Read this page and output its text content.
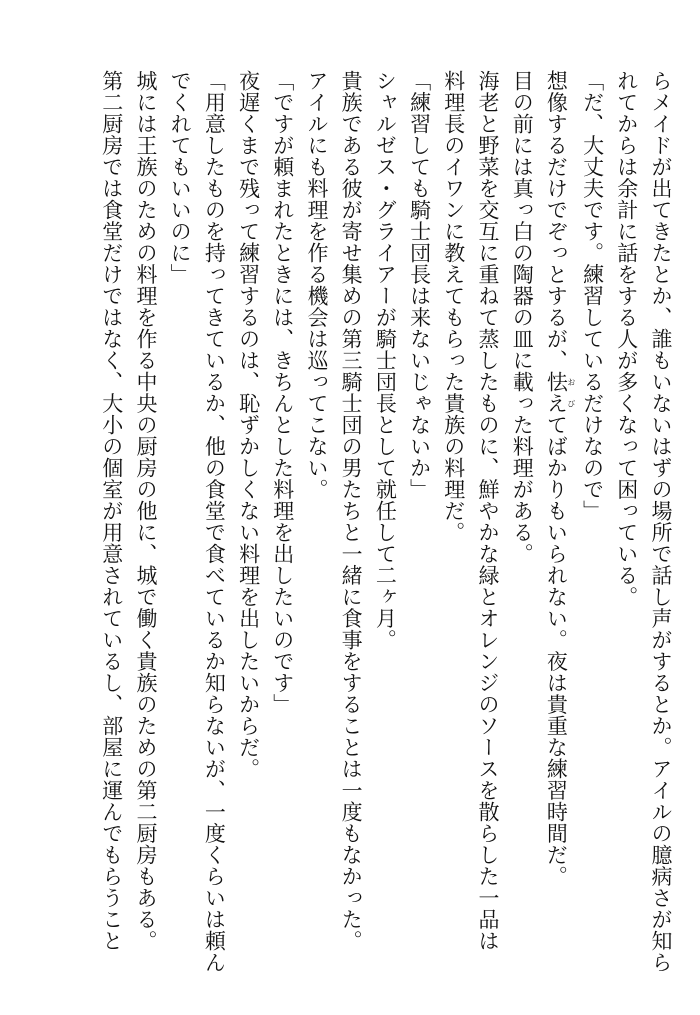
らメイドが出てきたとか、誰もいないはずの場所で話し声がするとか。アイルの臆病さが知ら
れてからは余計に話をする人が多くなって困っている。
「だ、大丈夫です。練習しているだけなので」
想像するだけでぞっとするが、怯えおびてばかりもいられない。夜は貴重な練習時間だ。
目の前には真っ白の陶器の皿に載った料理がある。
海老と野菜を交互に重ねて蒸したものに、鮮やかな緑とオレンジのソースを散らした一品は
料理長のイワンに教えてもらった貴族の料理だ。
「練習しても騎士団長は来ないじゃないか」
シャルゼス・グライアーが騎士団長として就任して二ヶ月。
貴族である彼が寄せ集めの第三騎士団の男たちと一緒に食事をすることは一度もなかった。
アイルにも料理を作る機会は巡ってこない。
「ですが頼まれたときには、きちんとした料理を出したいのです」
夜遅くまで残って練習するのは、恥ずかしくない料理を出したいからだ。
「用意したものを持ってきているか、他の食堂で食べているか知らないが、一度くらいは頼ん
でくれてもいいのに」
城には王族のための料理を作る中央の厨房の他に、城で働く貴族のための第二厨房もある。
第二厨房では食堂だけではなく、大小の個室が用意されているし、部屋に運んでもらうこと
